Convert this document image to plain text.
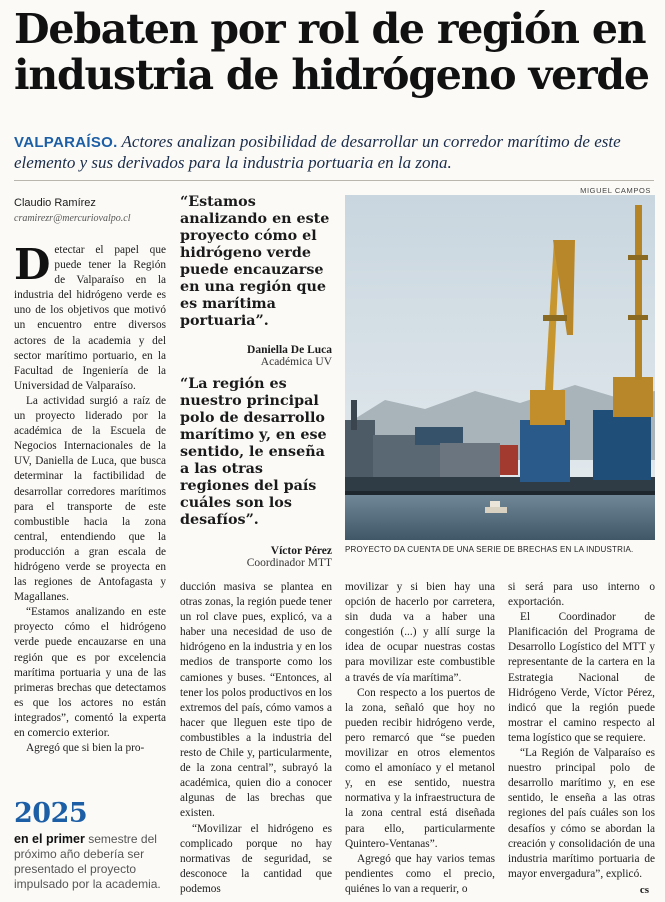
Debaten por rol de región en
industria de hidrógeno verde
VALPARAÍSO. Actores analizan posibilidad de desarrollar un corredor marítimo de este elemento y sus derivados para la industria portuaria en la zona.
Claudio Ramírez
cramirezr@mercuriovalpo.cl

Detectar el papel que puede tener la Región de Valparaíso en la industria del hidrógeno verde es uno de los objetivos que motivó un encuentro entre diversos actores de la academia y del sector marítimo portuario, en la Facultad de Ingeniería de la Universidad de Valparaíso.

La actividad surgió a raíz de un proyecto liderado por la académica de la Escuela de Negocios Internacionales de la UV, Daniella de Luca, que busca determinar la factibilidad de desarrollar corredores marítimos para el transporte de este combustible hacia la zona central, entendiendo que la producción a gran escala de hidrógeno verde se proyecta en las regiones de Antofagasta y Magallanes.

“Estamos analizando en este proyecto cómo el hidrógeno verde puede encauzarse en una región que es por excelencia marítima portuaria y una de las primeras brechas que detectamos es que los actores no están integrados”, comentó la experta en comercio exterior.

Agregó que si bien la pro-

2025
en el primer semestre del próximo año debería ser presentado el proyecto impulsado por la academia.
“Estamos analizando en este proyecto cómo el hidrógeno verde puede encauzarse en una región que es marítima portuaria”.
Daniella De Luca
Académica UV
“La región es nuestro principal polo de desarrollo marítimo y, en ese sentido, le enseña a las otras regiones del país cuáles son los desafíos”.
Víctor Pérez
Coordinador MTT
MIGUEL CAMPOS
PROYECTO DA CUENTA DE UNA SERIE DE BRECHAS EN LA INDUSTRIA.

ducción masiva se plantea en otras zonas, la región puede tener un rol clave pues, explicó, va a haber una necesidad de uso de hidrógeno en la industria y en los medios de transporte como los camiones y buses. “Entonces, al tener los polos productivos en los extremos del país, cómo vamos a hacer que lleguen este tipo de combustibles a la industria del resto de Chile y, particularmente, de la zona central”, subrayó la académica, quien dio a conocer algunas de las brechas que existen.

“Movilizar el hidrógeno es complicado porque no hay normativas de seguridad, se desconoce la cantidad que podemos

movilizar y si bien hay una opción de hacerlo por carretera, sin duda va a haber una congestión (...) y allí surge la idea de ocupar nuestras costas para movilizar este combustible a través de vía marítima”.

Con respecto a los puertos de la zona, señaló que hoy no pueden recibir hidrógeno verde, pero remarcó que “se pueden movilizar en otros elementos como el amoníaco y el metanol y, en ese sentido, nuestra normativa y la infraestructura de la zona central está diseñada para ello, particularmente Quintero-Ventanas”.

Agregó que hay varios temas pendientes como el precio, quiénes lo van a requerir, o

si será para uso interno o exportación.

El Coordinador de Planificación del Programa de Desarrollo Logístico del MTT y representante de la cartera en la Estrategia Nacional de Hidrógeno Verde, Víctor Pérez, indicó que la región puede mostrar el camino respecto al tema logístico que se requiere.

“La Región de Valparaíso es nuestro principal polo de desarrollo marítimo y, en ese sentido, le enseña a las otras regiones del país cuáles son los desafíos y cómo se abordan la creación y consolidación de una industria marítimo portuaria de mayor envergadura”, explicó.

cs
